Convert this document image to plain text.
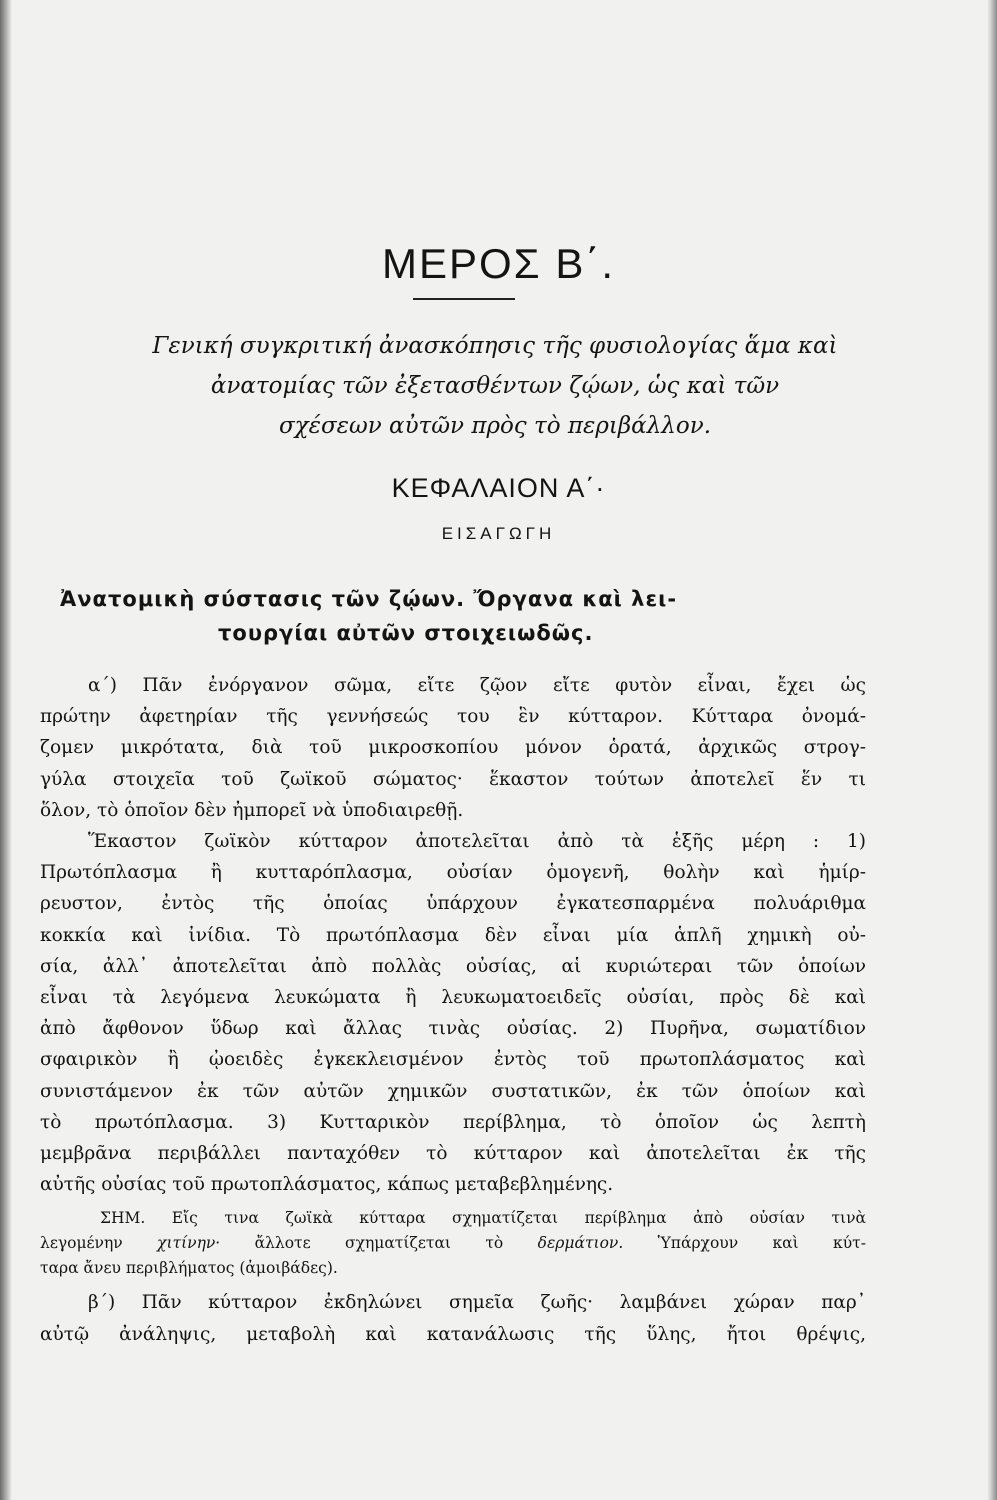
ΜΕΡΟΣ Β΄.
Γενική συγκριτική ἀνασκόπησις τῆς φυσιολογίας ἅμα καὶ
ἀνατομίας τῶν ἐξετασθέντων ζῴων, ὡς καὶ τῶν
σχέσεων αὐτῶν πρὸς τὸ περιβάλλον.
ΚΕΦΑΛΑΙΟΝ Α΄·
ΕΙΣΑΓΩΓΗ
Ἀνατομικὴ σύστασις τῶν ζῴων. Ὄργανα καὶ λει-
τουργίαι αὐτῶν στοιχειωδῶς.
α΄) Πᾶν ἐνόργανον σῶμα, εἴτε ζῷον εἴτε φυτὸν εἶναι, ἔχει ὡς
πρώτην ἀφετηρίαν τῆς γεννήσεώς του ἓν κύτταρον. Κύτταρα ὀνομά-
ζομεν μικρότατα, διὰ τοῦ μικροσκοπίου μόνον ὁρατά, ἀρχικῶς στρογ-
γύλα στοιχεῖα τοῦ ζωϊκοῦ σώματος· ἕκαστον τούτων ἀποτελεῖ ἕν τι
ὅλον, τὸ ὁποῖον δὲν ἠμπορεῖ νὰ ὑποδιαιρεθῇ.
Ἕκαστον ζωϊκὸν κύτταρον ἀποτελεῖται ἀπὸ τὰ ἑξῆς μέρη : 1)
Πρωτόπλασμα ἢ κυτταρόπλασμα, οὐσίαν ὁμογενῆ, θολὴν καὶ ἡμίρ-
ρευστον, ἐντὸς τῆς ὁποίας ὑπάρχουν ἐγκατεσπαρμένα πολυάριθμα
κοκκία καὶ ἰνίδια. Τὸ πρωτόπλασμα δὲν εἶναι μία ἁπλῆ χημικὴ οὐ-
σία, ἀλλ᾽ ἀποτελεῖται ἀπὸ πολλὰς οὐσίας, αἱ κυριώτεραι τῶν ὁποίων
εἶναι τὰ λεγόμενα λευκώματα ἢ λευκωματοειδεῖς οὐσίαι, πρὸς δὲ καὶ
ἀπὸ ἄφθονον ὕδωρ καὶ ἄλλας τινὰς οὐσίας. 2) Πυρῆνα, σωματίδιον
σφαιρικὸν ἢ ᾠοειδὲς ἐγκεκλεισμένον ἐντὸς τοῦ πρωτοπλάσματος καὶ
συνιστάμενον ἐκ τῶν αὐτῶν χημικῶν συστατικῶν, ἐκ τῶν ὁποίων καὶ
τὸ πρωτόπλασμα. 3) Κυτταρικὸν περίβλημα, τὸ ὁποῖον ὡς λεπτὴ
μεμβρᾶνα περιβάλλει πανταχόθεν τὸ κύτταρον καὶ ἀποτελεῖται ἐκ τῆς
αὐτῆς οὐσίας τοῦ πρωτοπλάσματος, κάπως μεταβεβλημένης.
ΣΗΜ. Εἴς τινα ζωϊκὰ κύτταρα σχηματίζεται περίβλημα ἀπὸ οὐσίαν τινὰ
λεγομένην χιτίνην· ἄλλοτε σχηματίζεται τὸ δερμάτιον. Ὑπάρχουν καὶ κύτ-
ταρα ἄνευ περιβλήματος (ἀμοιβάδες).
β΄) Πᾶν κύτταρον ἐκδηλώνει σημεῖα ζωῆς· λαμβάνει χώραν παρ᾽
αὐτῷ ἀνάληψις, μεταβολὴ καὶ κατανάλωσις τῆς ὕλης, ἤτοι θρέψις,
